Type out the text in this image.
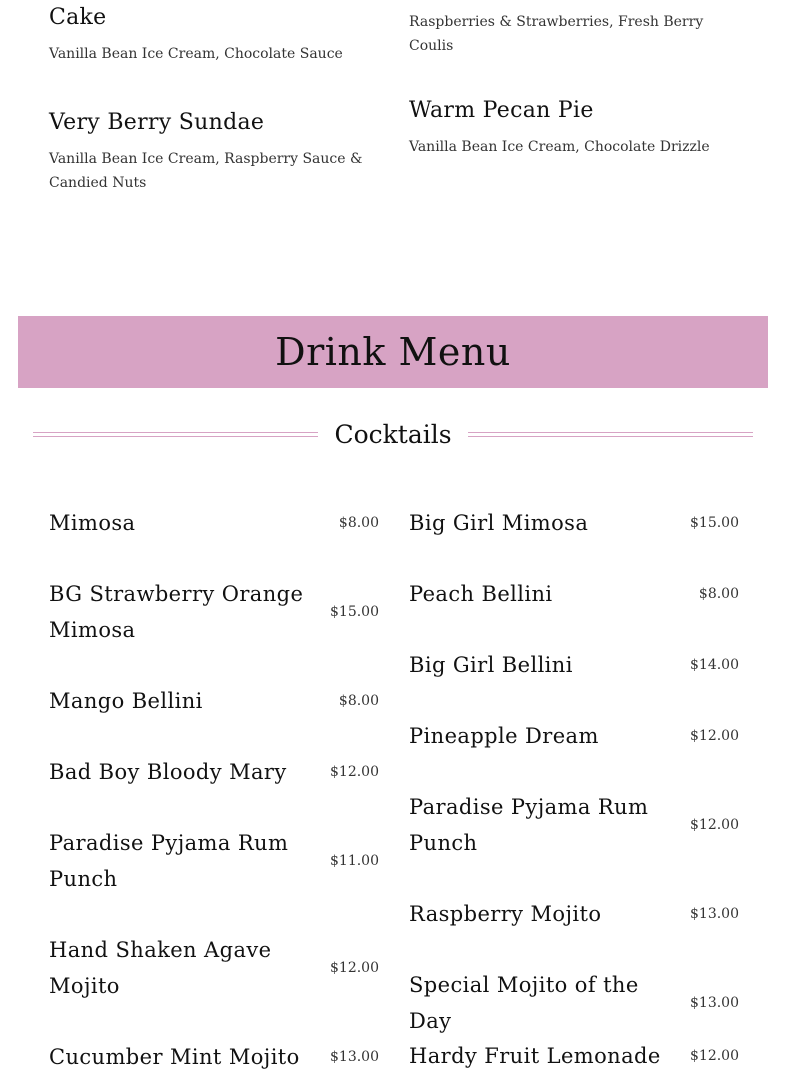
Cake
Vanilla Bean Ice Cream, Chocolate Sauce
Very Berry Sundae
Vanilla Bean Ice Cream, Raspberry Sauce & Candied Nuts
Raspberries & Strawberries, Fresh Berry Coulis
Warm Pecan Pie
Vanilla Bean Ice Cream, Chocolate Drizzle
Drink Menu
Cocktails
Mimosa	$8.00
BG Strawberry Orange Mimosa
$15.00
Mango Bellini	$8.00
Bad Boy Bloody Mary	$12.00
Paradise Pyjama Rum Punch
$11.00
Hand Shaken Agave Mojito
$12.00
Cucumber Mint Mojito	$13.00
Big Girl Mimosa	$15.00
Peach Bellini	$8.00
Big Girl Bellini	$14.00
Pineapple Dream	$12.00
Paradise Pyjama Rum Punch
$12.00
Raspberry Mojito	$13.00
Special Mojito of the Day
$13.00
Hardy Fruit Lemonade	$12.00
